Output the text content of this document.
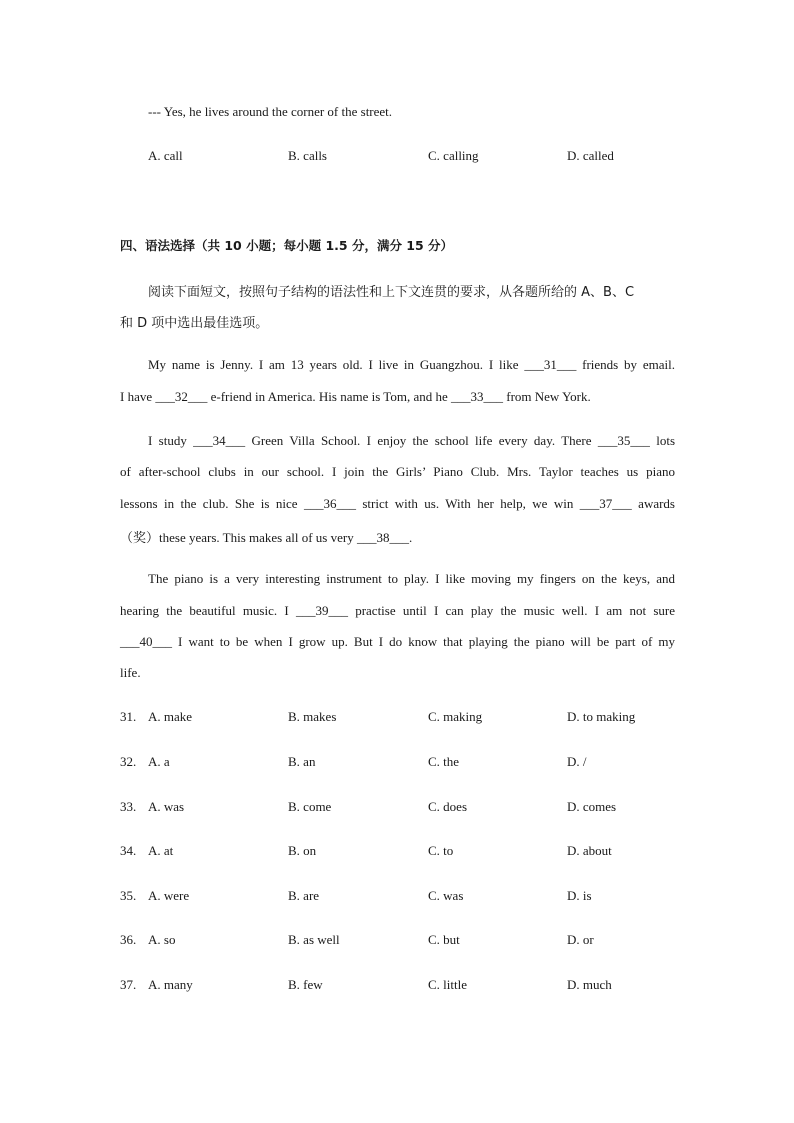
--- Yes, he lives around the corner of the street.
A. call	B. calls	C. calling	D. called
四、语法选择（共 10 小题；每小题 1.5 分，满分 15 分）
阅读下面短文，按照句子结构的语法性和上下文连贯的要求，从各题所给的 A、B、C
和 D 项中选出最佳选项。
My name is Jenny. I am 13 years old. I live in Guangzhou. I like ___31___ friends by email.
I have ___32___ e-friend in America. His name is Tom, and he ___33___ from New York.
I study ___34___ Green Villa School. I enjoy the school life every day. There ___35___ lots
of after-school clubs in our school. I join the Girls’ Piano Club. Mrs. Taylor teaches us piano
lessons in the club. She is nice ___36___ strict with us. With her help, we win ___37___ awards
（奖）these years. This makes all of us very ___38___.
The piano is a very interesting instrument to play. I like moving my fingers on the keys, and
hearing the beautiful music. I ___39___ practise until I can play the music well. I am not sure
___40___ I want to be when I grow up. But I do know that playing the piano will be part of my
life.
31. A. make	B. makes	C. making	D. to making
32. A. a	B. an	C. the	D. /
33. A. was	B. come	C. does	D. comes
34. A. at	B. on	C. to	D. about
35. A. were	B. are	C. was	D. is
36. A. so	B. as well	C. but	D. or
37. A. many	B. few	C. little	D. much
